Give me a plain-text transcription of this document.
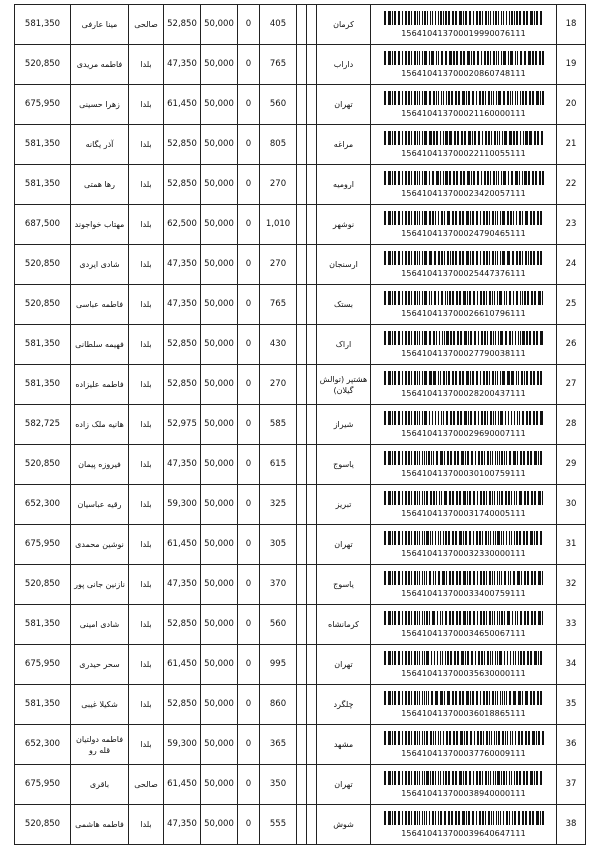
581,350	مینا عارفی	صالحی	52,850	50,000	0	405			کرمان	156410413700019990076111	18
520,850	فاطمه مریدی	بلدا	47,350	50,000	0	765			داراب	156410413700020860748111	19
675,950	زهرا حسینی	بلدا	61,450	50,000	0	560			تهران	156410413700021160000111	20
581,350	آذر یگانه	بلدا	52,850	50,000	0	805			مراغه	156410413700022110055111	21
581,350	رها همتی	بلدا	52,850	50,000	0	270			ارومیه	156410413700023420057111	22
687,500	مهتاب خواجوند	بلدا	62,500	50,000	0	1,010			نوشهر	156410413700024790465111	23
520,850	شادی ایردی	بلدا	47,350	50,000	0	270			ارسنجان	156410413700025447376111	24
520,850	فاطمه عباسی	بلدا	47,350	50,000	0	765			بستک	156410413700026610796111	25
581,350	فهیمه سلطانی	بلدا	52,850	50,000	0	430			اراک	156410413700027790038111	26
581,350	فاطمه علیزاده	بلدا	52,850	50,000	0	270			هشتپر (توالش گیلان)	156410413700028200437111	27
582,725	هانیه ملک زاده	بلدا	52,975	50,000	0	585			شیراز	156410413700029690007111	28
520,850	فیروزه پیمان	بلدا	47,350	50,000	0	615			یاسوج	156410413700030100759111	29
652,300	رقیه عباسیان	بلدا	59,300	50,000	0	325			تبریز	156410413700031740005111	30
675,950	نوشین محمدی	بلدا	61,450	50,000	0	305			تهران	156410413700032330000111	31
520,850	نازنین جانی پور	بلدا	47,350	50,000	0	370			یاسوج	156410413700033400759111	32
581,350	شادی امینی	بلدا	52,850	50,000	0	560			کرمانشاه	156410413700034650067111	33
675,950	سحر حیدری	بلدا	61,450	50,000	0	995			تهران	156410413700035630000111	34
581,350	شکیلا غیبی	بلدا	52,850	50,000	0	860			چلگرد	156410413700036018865111	35
652,300	فاطمه دولتیان قله رو	بلدا	59,300	50,000	0	365			مشهد	156410413700037760009111	36
675,950	باقری	صالحی	61,450	50,000	0	350			تهران	156410413700038940000111	37
520,850	فاطمه هاشمی	بلدا	47,350	50,000	0	555			شوش	156410413700039640647111	38
